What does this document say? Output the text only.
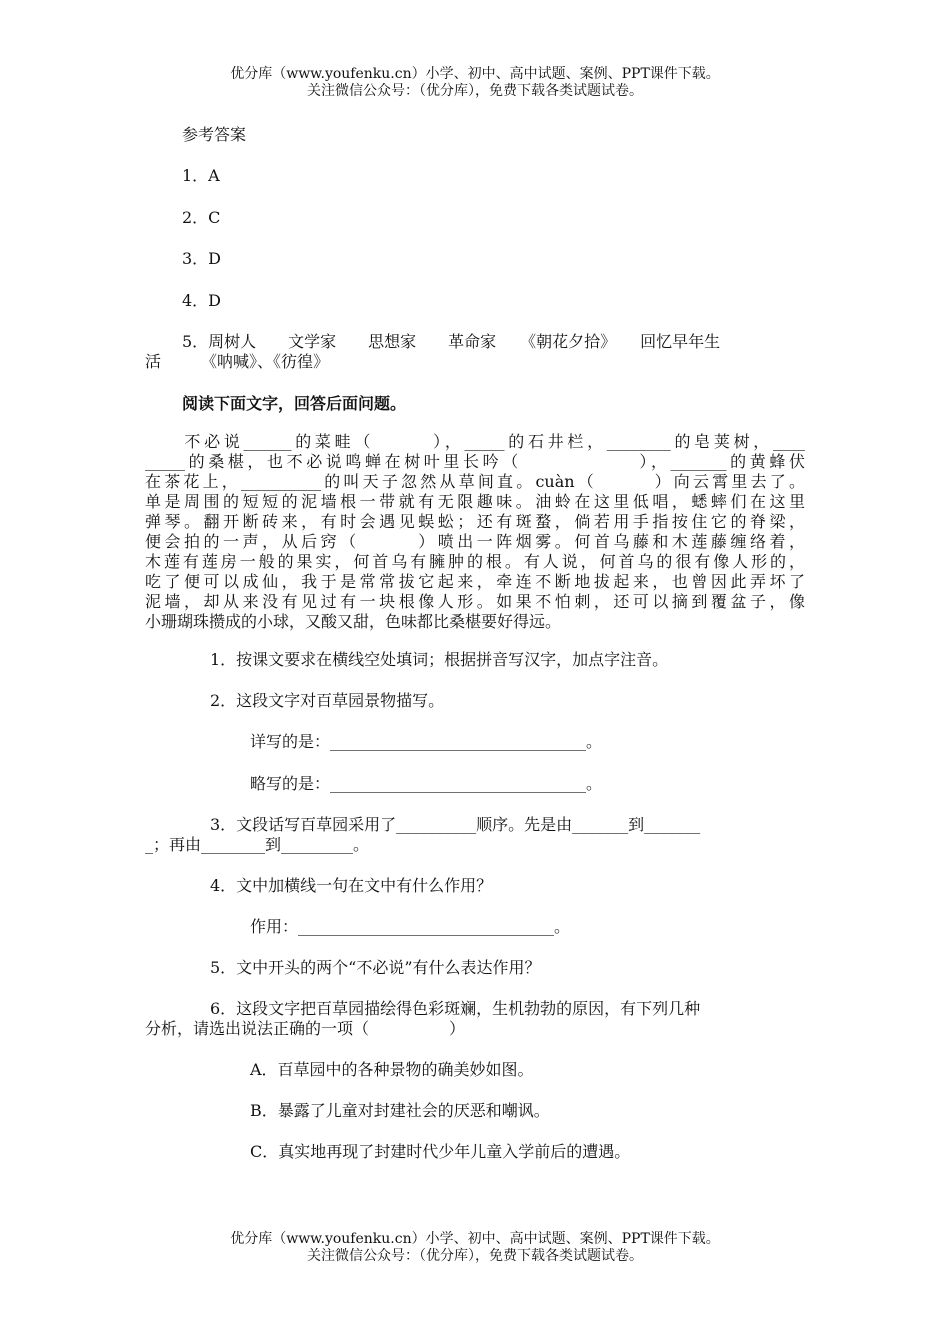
优分库（www.youfenku.cn）小学、初中、高中试题、案例、PPT课件下载。
关注微信公众号：（优分库），免费下载各类试题试卷。
参考答案
1．A
2．C
3．D
4．D
5．周树人　　文学家　　思想家　　革命家　　《朝花夕拾》　　回忆早年生
活　　　《呐喊》、《彷徨》
阅读下面文字，回答后面问题。
　　不必说______的菜畦（　　　），_____的石井栏，________的皂荚树，____
_____的桑椹，也不必说鸣蝉在树叶里长吟（　　　　　　），_______的黄蜂伏
在茶花上，__________的叫天子忽然从草间直。cuàn（　　　）向云霄里去了。
单是周围的短短的泥墙根一带就有无限趣味。油蛉在这里低唱，蟋蟀们在这里
弹琴。翻开断砖来，有时会遇见蜈蚣；还有斑蝥，倘若用手指按住它的脊梁，
便会拍的一声，从后窍（　　　）喷出一阵烟雾。何首乌藤和木莲藤缠络着，
木莲有莲房一般的果实，何首乌有臃肿的根。有人说，何首乌的很有像人形的，
吃了便可以成仙，我于是常常拔它起来，牵连不断地拔起来，也曾因此弄坏了
泥墙，却从来没有见过有一块根像人形。如果不怕刺，还可以摘到覆盆子，像
小珊瑚珠攒成的小球，又酸又甜，色味都比桑椹要好得远。
1．按课文要求在横线空处填词；根据拼音写汉字，加点字注音。
2．这段文字对百草园景物描写。
详写的是：________________________________。
略写的是：________________________________。
3．文段话写百草园采用了__________顺序。先是由_______到_______
_；再由________到_________。
4．文中加横线一句在文中有什么作用？
作用：________________________________。
5．文中开头的两个“不必说”有什么表达作用？
6．这段文字把百草园描绘得色彩斑斓，生机勃勃的原因，有下列几种
分析，请选出说法正确的一项（　　　　　）
A．百草园中的各种景物的确美妙如图。
B．暴露了儿童对封建社会的厌恶和嘲讽。
C．真实地再现了封建时代少年儿童入学前后的遭遇。
优分库（www.youfenku.cn）小学、初中、高中试题、案例、PPT课件下载。
关注微信公众号：（优分库），免费下载各类试题试卷。
